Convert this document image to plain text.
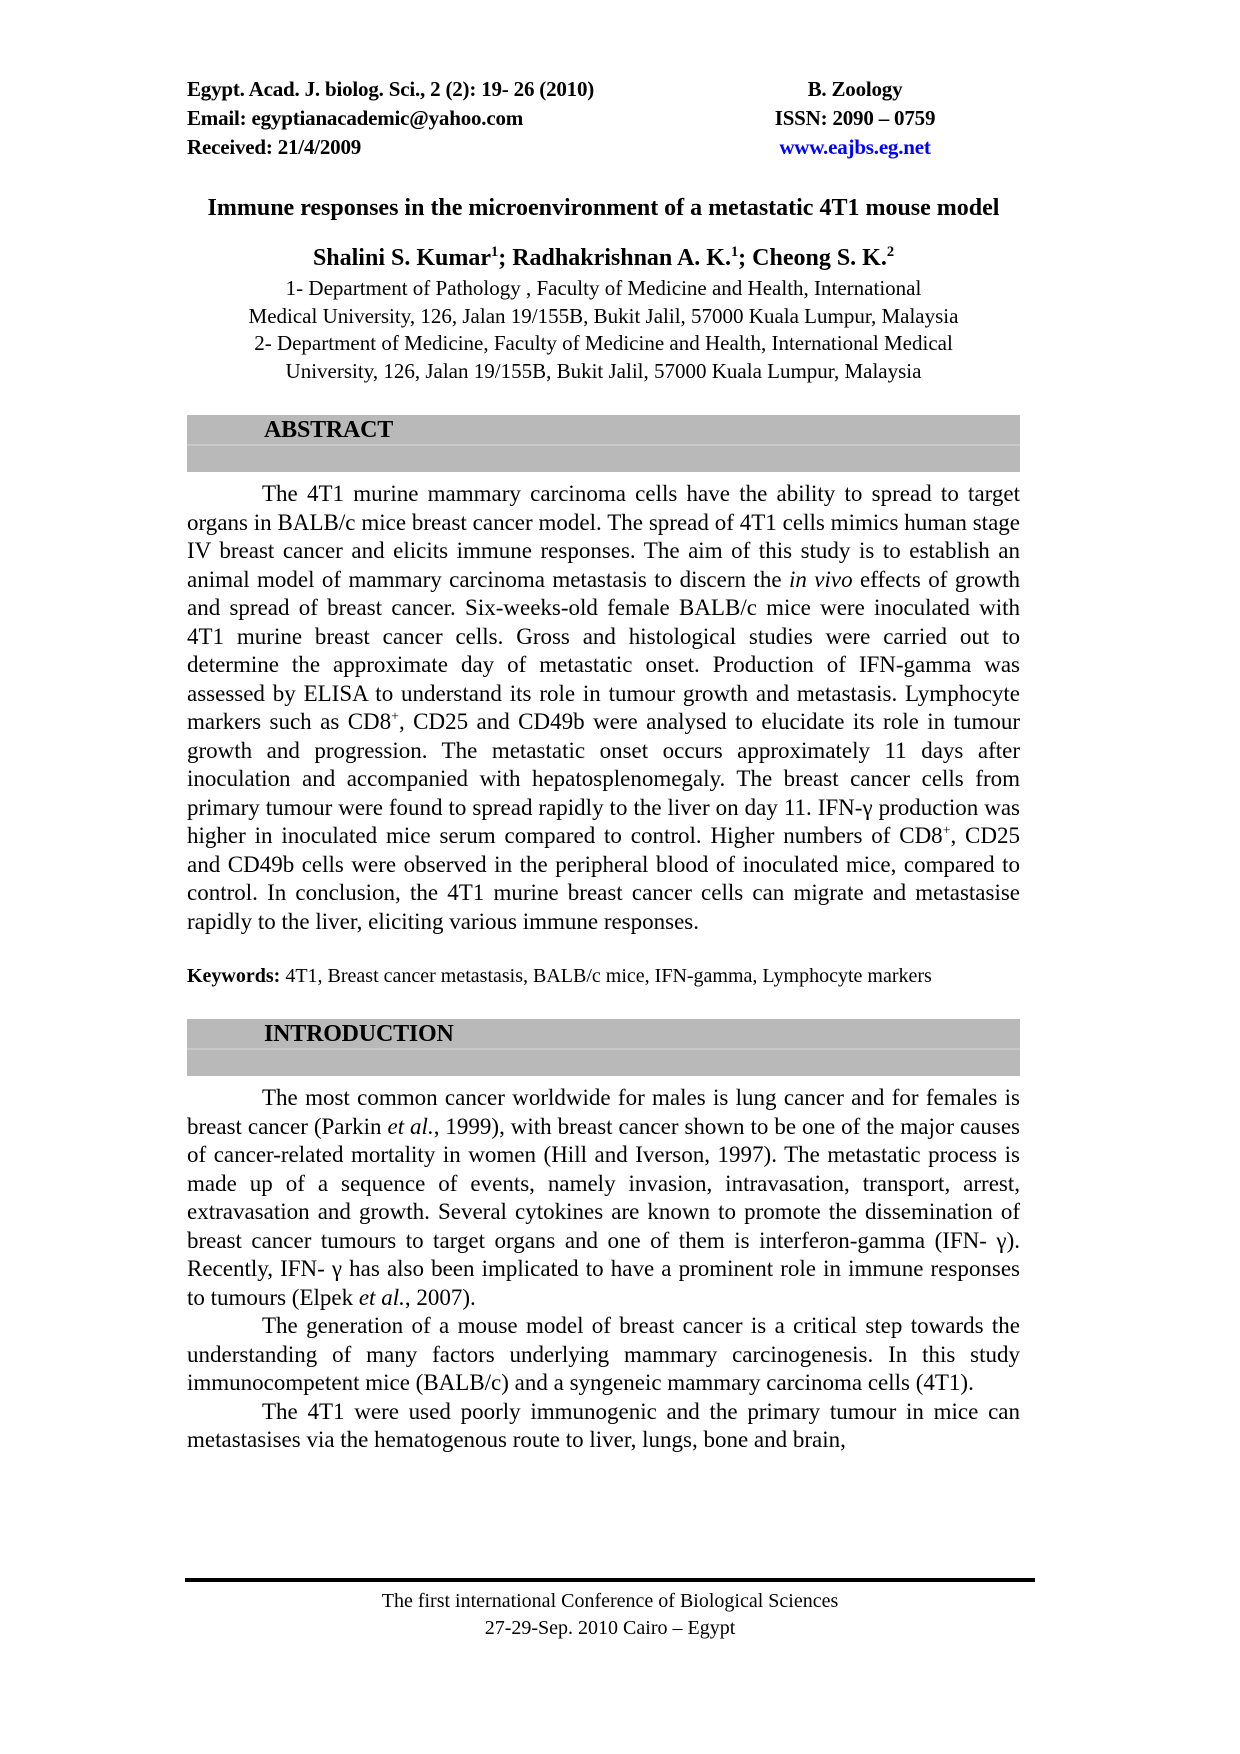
Egypt. Acad. J. biolog. Sci., 2 (2): 19- 26 (2010)
Email: egyptianacademic@yahoo.com
Received: 21/4/2009
B. Zoology
ISSN: 2090 – 0759
www.eajbs.eg.net
Immune responses in the microenvironment of a metastatic 4T1 mouse model
Shalini S. Kumar$^1$; Radhakrishnan A. K.$^1$; Cheong S. K.$^2$
1- Department of Pathology , Faculty of Medicine and Health, International
Medical University, 126, Jalan 19/155B, Bukit Jalil, 57000 Kuala Lumpur, Malaysia
2- Department of Medicine, Faculty of Medicine and Health, International Medical
University, 126, Jalan 19/155B, Bukit Jalil, 57000 Kuala Lumpur, Malaysia
ABSTRACT

The 4T1 murine mammary carcinoma cells have the ability to spread to target organs in BALB/c mice breast cancer model. The spread of 4T1 cells mimics human stage IV breast cancer and elicits immune responses. The aim of this study is to establish an animal model of mammary carcinoma metastasis to discern the in vivo effects of growth and spread of breast cancer. Six-weeks-old female BALB/c mice were inoculated with 4T1 murine breast cancer cells. Gross and histological studies were carried out to determine the approximate day of metastatic onset. Production of IFN-gamma was assessed by ELISA to understand its role in tumour growth and metastasis. Lymphocyte markers such as CD8+, CD25 and CD49b were analysed to elucidate its role in tumour growth and progression. The metastatic onset occurs approximately 11 days after inoculation and accompanied with hepatosplenomegaly. The breast cancer cells from primary tumour were found to spread rapidly to the liver on day 11. IFN-γ production was higher in inoculated mice serum compared to control. Higher numbers of CD8+, CD25 and CD49b cells were observed in the peripheral blood of inoculated mice, compared to control. In conclusion, the 4T1 murine breast cancer cells can migrate and metastasise rapidly to the liver, eliciting various immune responses.

Keywords: 4T1, Breast cancer metastasis, BALB/c mice, IFN-gamma, Lymphocyte markers

INTRODUCTION

The most common cancer worldwide for males is lung cancer and for females is breast cancer (Parkin et al., 1999), with breast cancer shown to be one of the major causes of cancer-related mortality in women (Hill and Iverson, 1997). The metastatic process is made up of a sequence of events, namely invasion, intravasation, transport, arrest, extravasation and growth. Several cytokines are known to promote the dissemination of breast cancer tumours to target organs and one of them is interferon-gamma (IFN- γ). Recently, IFN- γ has also been implicated to have a prominent role in immune responses to tumours (Elpek et al., 2007).

The generation of a mouse model of breast cancer is a critical step towards the understanding of many factors underlying mammary carcinogenesis. In this study immunocompetent mice (BALB/c) and a syngeneic mammary carcinoma cells (4T1).

The 4T1 were used poorly immunogenic and the primary tumour in mice can metastasises via the hematogenous route to liver, lungs, bone and brain,

The first international Conference of Biological Sciences
27-29-Sep. 2010 Cairo – Egypt
